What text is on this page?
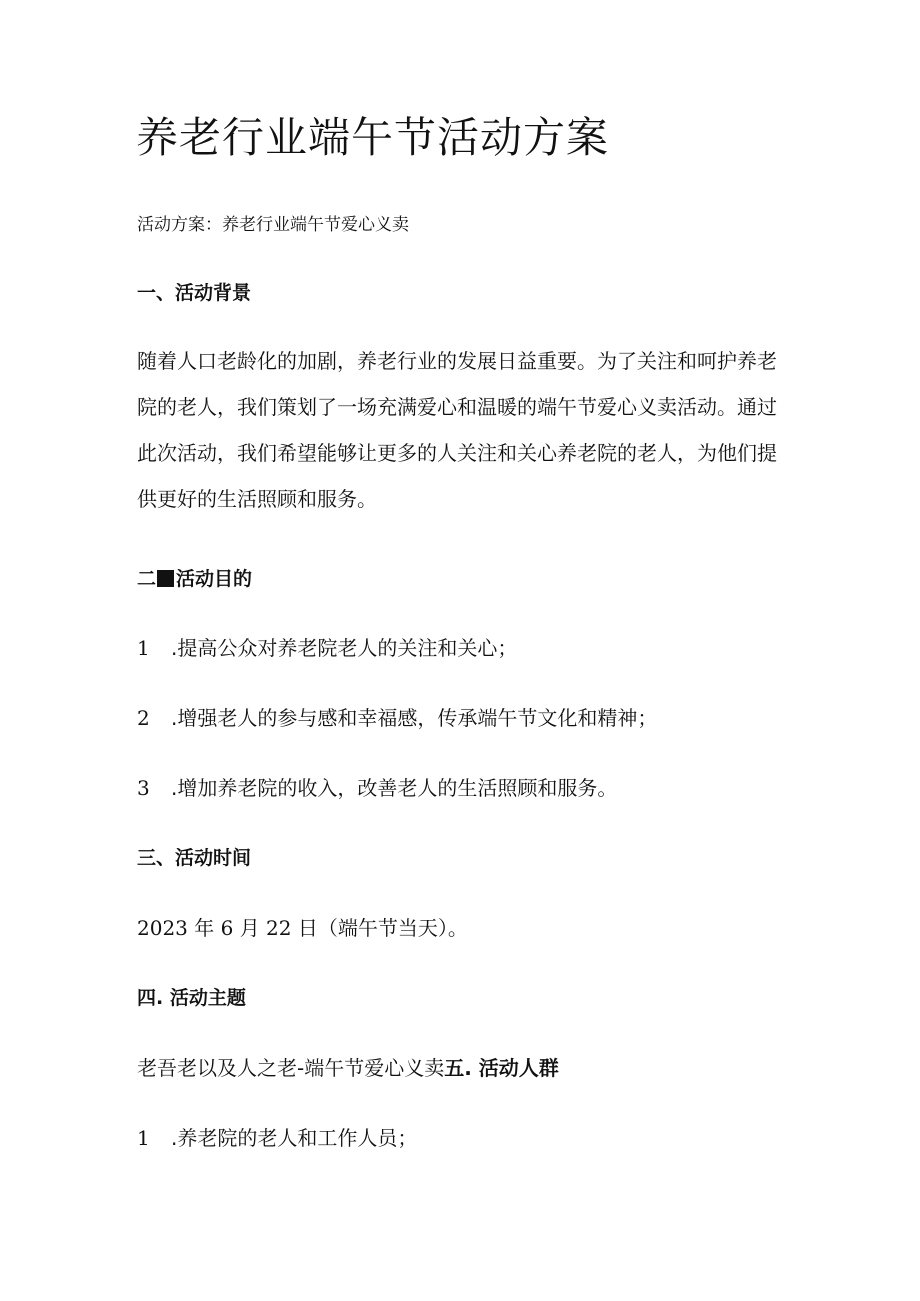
养老行业端午节活动方案
活动方案：养老行业端午节爱心义卖
一、活动背景

随着人口老龄化的加剧，养老行业的发展日益重要。为了关注和呵护养老院的老人，我们策划了一场充满爱心和温暖的端午节爱心义卖活动。通过此次活动，我们希望能够让更多的人关注和关心养老院的老人，为他们提供更好的生活照顾和服务。

二 活动目的
1 .提高公众对养老院老人的关注和关心；
2 .增强老人的参与感和幸福感，传承端午节文化和精神；
3 .增加养老院的收入，改善老人的生活照顾和服务。
三、活动时间
2023 年 6 月 22 日（端午节当天）。
四. 活动主题
老吾老以及人之老-端午节爱心义卖五. 活动人群
1 .养老院的老人和工作人员；
